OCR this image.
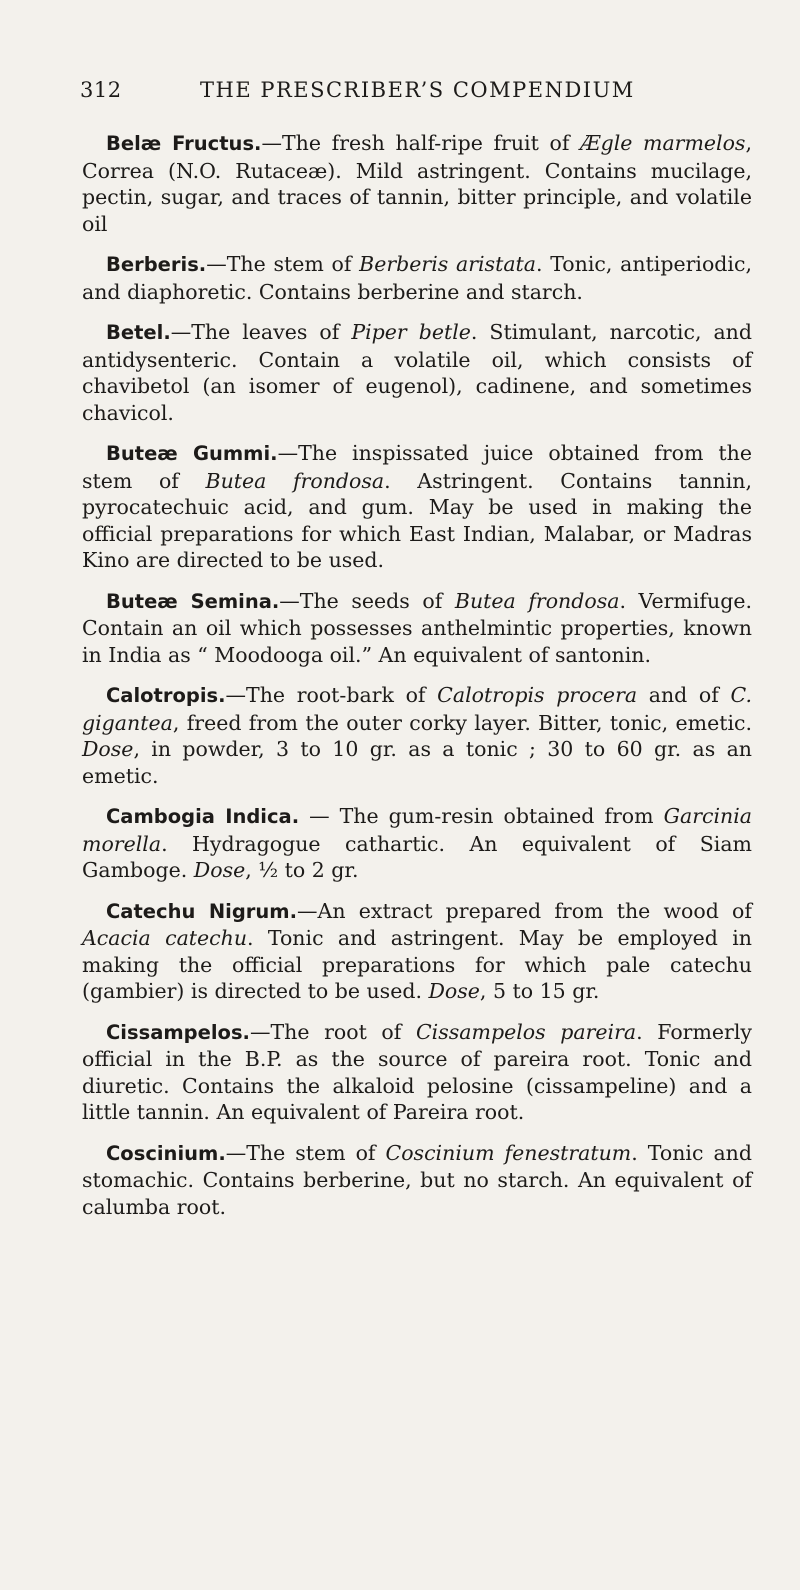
312	THE PRESCRIBER’S COMPENDIUM

Belæ Fructus.—The fresh half-ripe fruit of Ægle marmelos, Correa (N.O. Rutaceæ). Mild astringent. Contains mucilage, pectin, sugar, and traces of tannin, bitter principle, and volatile oil

Berberis.—The stem of Berberis aristata. Tonic, antiperiodic, and diaphoretic. Contains berberine and starch.

Betel.—The leaves of Piper betle. Stimulant, narcotic, and antidysenteric. Contain a volatile oil, which consists of chavibetol (an isomer of eugenol), cadinene, and sometimes chavicol.

Buteæ Gummi.—The inspissated juice obtained from the stem of Butea frondosa. Astringent. Contains tannin, pyrocatechuic acid, and gum. May be used in making the official preparations for which East Indian, Malabar, or Madras Kino are directed to be used.

Buteæ Semina.—The seeds of Butea frondosa. Vermifuge. Contain an oil which possesses anthelmintic properties, known in India as “ Moodooga oil.” An equivalent of santonin.

Calotropis.—The root-bark of Calotropis procera and of C. gigantea, freed from the outer corky layer. Bitter, tonic, emetic. Dose, in powder, 3 to 10 gr. as a tonic ; 30 to 60 gr. as an emetic.

Cambogia Indica. — The gum-resin obtained from Garcinia morella. Hydragogue cathartic. An equivalent of Siam Gamboge. Dose, ½ to 2 gr.

Catechu Nigrum.—An extract prepared from the wood of Acacia catechu. Tonic and astringent. May be employed in making the official preparations for which pale catechu (gambier) is directed to be used. Dose, 5 to 15 gr.

Cissampelos.—The root of Cissampelos pareira. Formerly official in the B.P. as the source of pareira root. Tonic and diuretic. Contains the alkaloid pelosine (cissampeline) and a little tannin. An equivalent of Pareira root.

Coscinium.—The stem of Coscinium fenestratum. Tonic and stomachic. Contains berberine, but no starch. An equivalent of calumba root.
